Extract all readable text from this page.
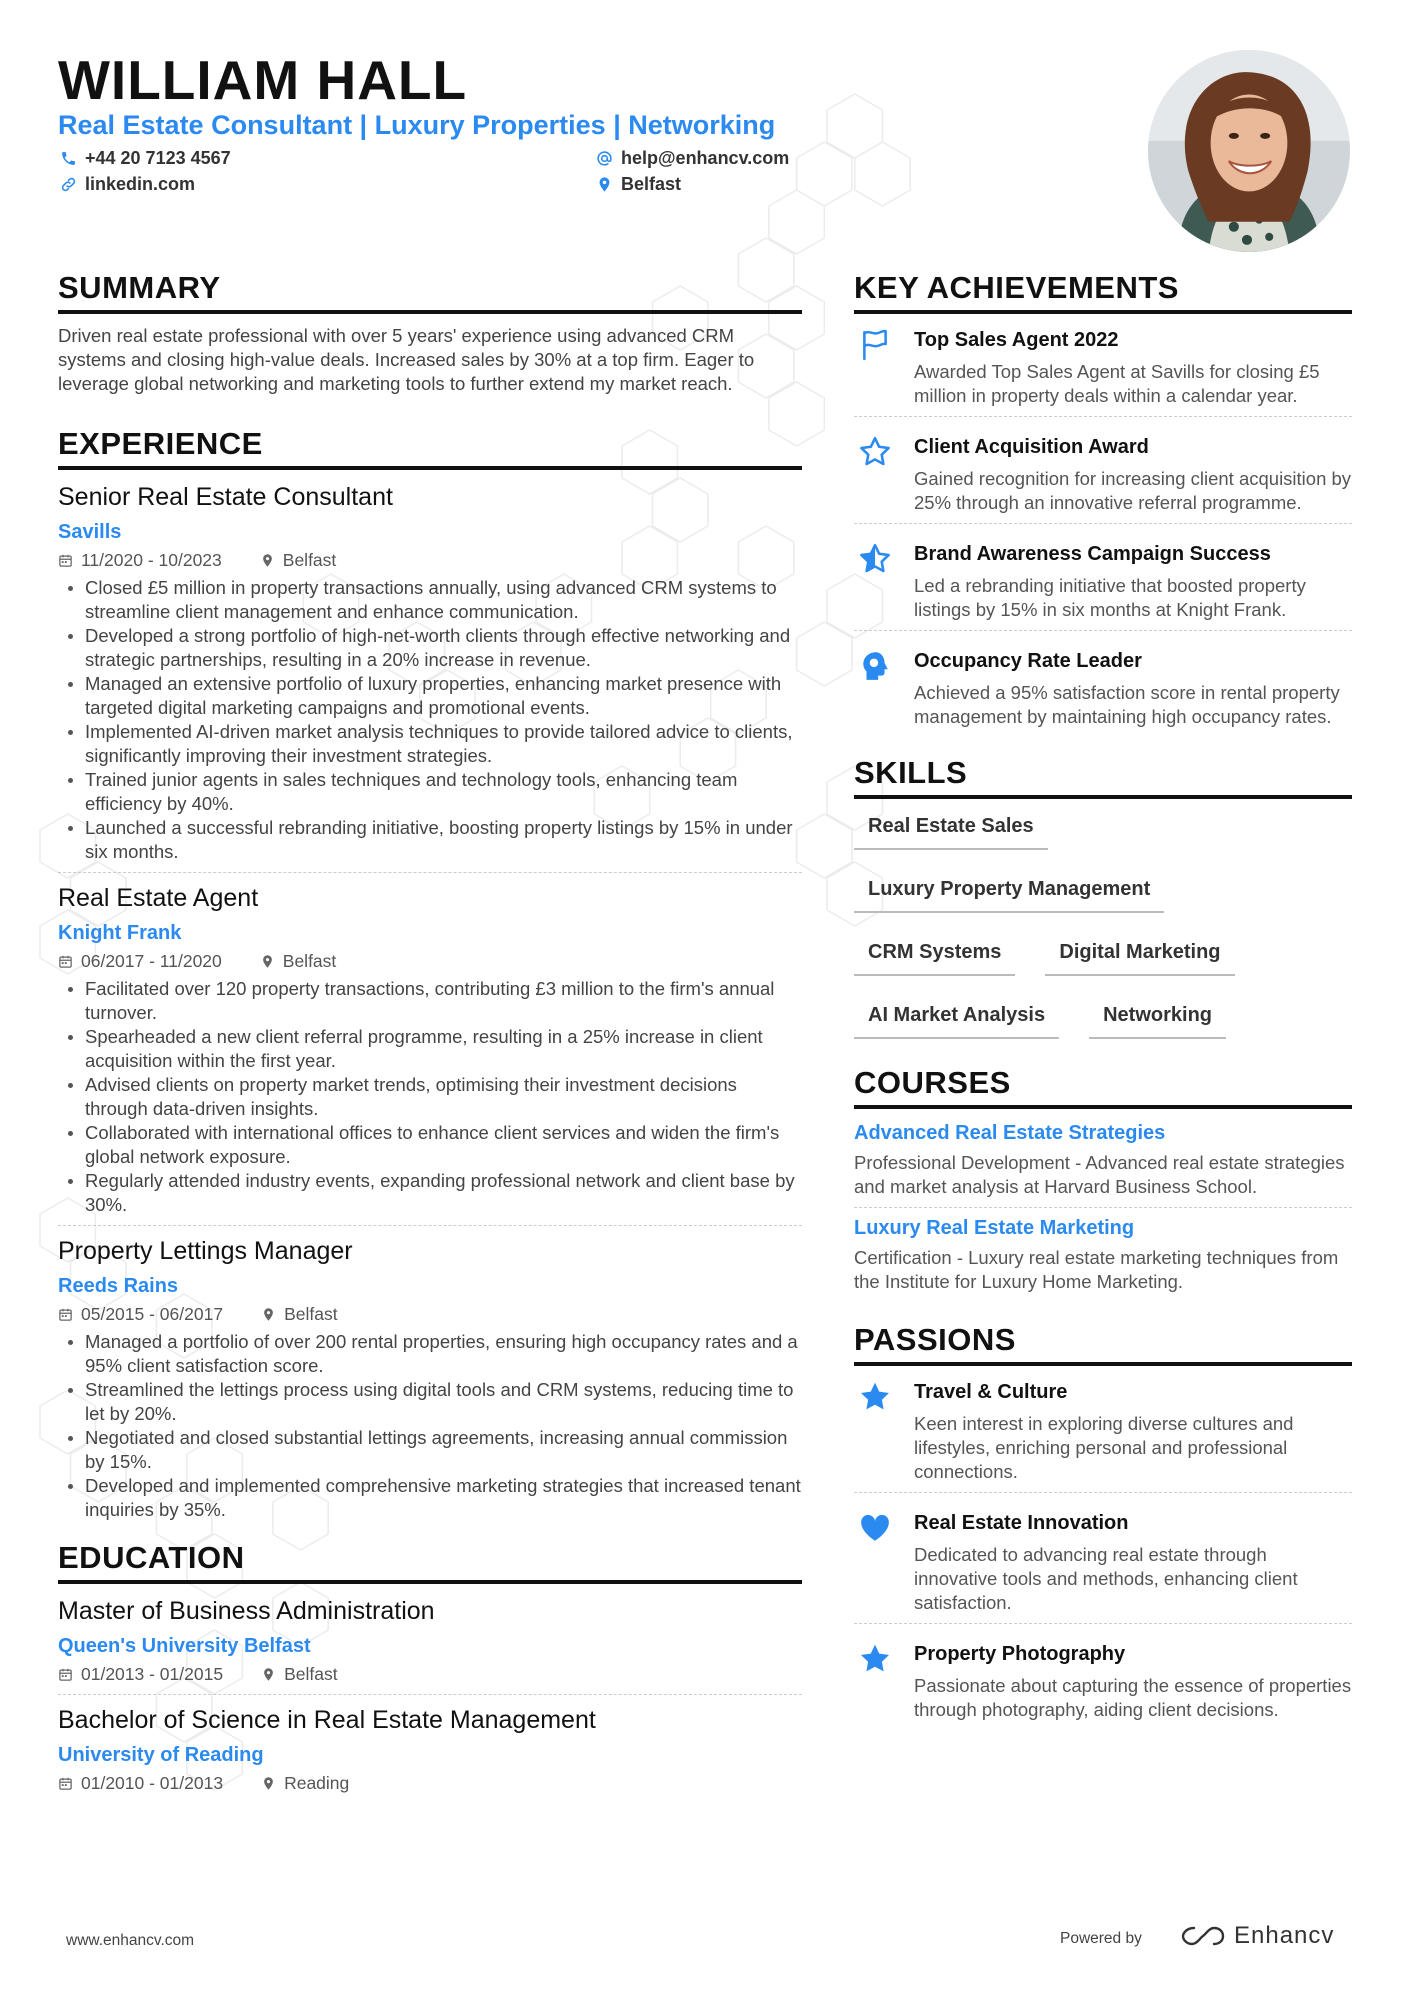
WILLIAM HALL
Real Estate Consultant | Luxury Properties | Networking
+44 20 7123 4567	help@enhancv.com
linkedin.com	Belfast
SUMMARY
Driven real estate professional with over 5 years' experience using advanced CRM systems and closing high-value deals. Increased sales by 30% at a top firm. Eager to leverage global networking and marketing tools to further extend my market reach.
EXPERIENCE
Senior Real Estate Consultant
Savills
11/2020 - 10/2023	Belfast
Closed £5 million in property transactions annually, using advanced CRM systems to streamline client management and enhance communication.
Developed a strong portfolio of high-net-worth clients through effective networking and strategic partnerships, resulting in a 20% increase in revenue.
Managed an extensive portfolio of luxury properties, enhancing market presence with targeted digital marketing campaigns and promotional events.
Implemented AI-driven market analysis techniques to provide tailored advice to clients, significantly improving their investment strategies.
Trained junior agents in sales techniques and technology tools, enhancing team efficiency by 40%.
Launched a successful rebranding initiative, boosting property listings by 15% in under six months.
Real Estate Agent
Knight Frank
06/2017 - 11/2020	Belfast
Facilitated over 120 property transactions, contributing £3 million to the firm's annual turnover.
Spearheaded a new client referral programme, resulting in a 25% increase in client acquisition within the first year.
Advised clients on property market trends, optimising their investment decisions through data-driven insights.
Collaborated with international offices to enhance client services and widen the firm's global network exposure.
Regularly attended industry events, expanding professional network and client base by 30%.
Property Lettings Manager
Reeds Rains
05/2015 - 06/2017	Belfast
Managed a portfolio of over 200 rental properties, ensuring high occupancy rates and a 95% client satisfaction score.
Streamlined the lettings process using digital tools and CRM systems, reducing time to let by 20%.
Negotiated and closed substantial lettings agreements, increasing annual commission by 15%.
Developed and implemented comprehensive marketing strategies that increased tenant inquiries by 35%.
EDUCATION
Master of Business Administration
Queen's University Belfast
01/2013 - 01/2015	Belfast
Bachelor of Science in Real Estate Management
University of Reading
01/2010 - 01/2013	Reading
KEY ACHIEVEMENTS
Top Sales Agent 2022
Awarded Top Sales Agent at Savills for closing £5 million in property deals within a calendar year.
Client Acquisition Award
Gained recognition for increasing client acquisition by 25% through an innovative referral programme.
Brand Awareness Campaign Success
Led a rebranding initiative that boosted property listings by 15% in six months at Knight Frank.
Occupancy Rate Leader
Achieved a 95% satisfaction score in rental property management by maintaining high occupancy rates.
SKILLS
Real Estate Sales
Luxury Property Management
CRM Systems	Digital Marketing
AI Market Analysis	Networking
COURSES
Advanced Real Estate Strategies
Professional Development - Advanced real estate strategies and market analysis at Harvard Business School.
Luxury Real Estate Marketing
Certification - Luxury real estate marketing techniques from the Institute for Luxury Home Marketing.
PASSIONS
Travel & Culture
Keen interest in exploring diverse cultures and lifestyles, enriching personal and professional connections.
Real Estate Innovation
Dedicated to advancing real estate through innovative tools and methods, enhancing client satisfaction.
Property Photography
Passionate about capturing the essence of properties through photography, aiding client decisions.
www.enhancv.com	Powered by	Enhancv
